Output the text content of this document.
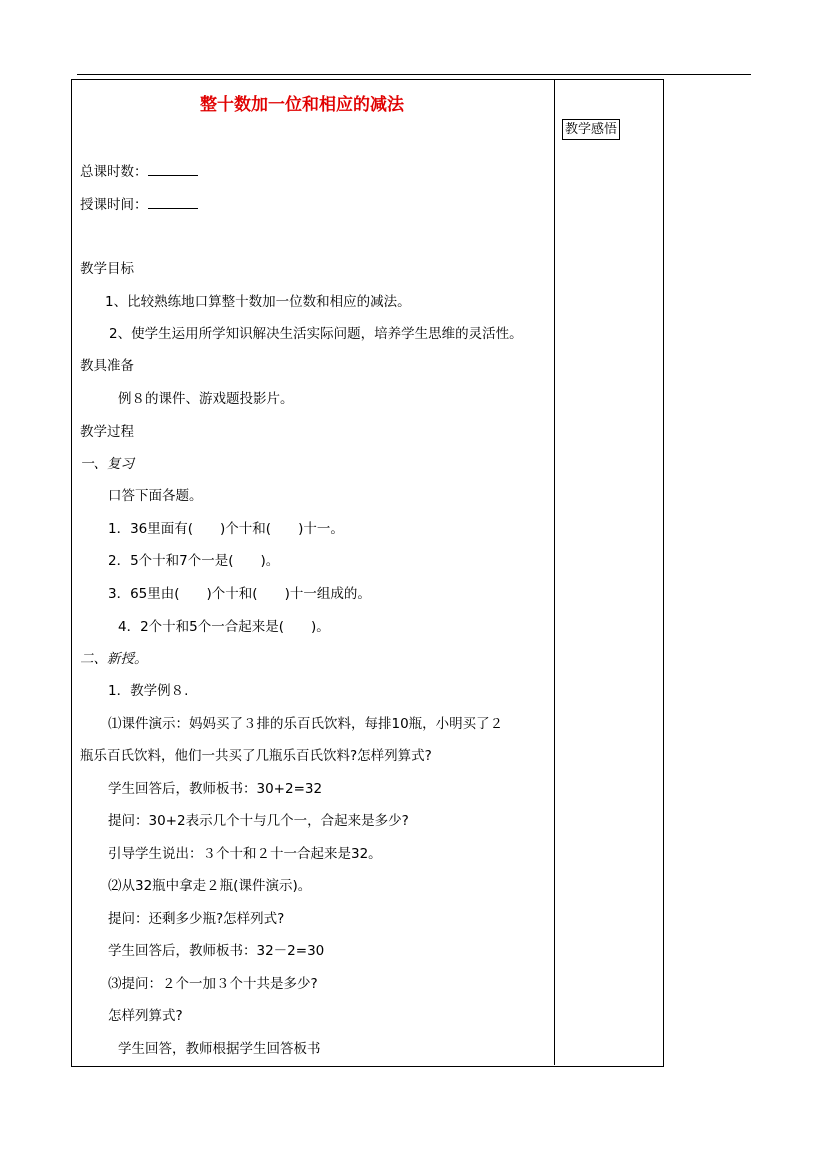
教学感悟
整十数加一位和相应的减法
总课时数：
授课时间：
教学目标
1、比较熟练地口算整十数加一位数和相应的减法。
2、使学生运用所学知识解决生活实际问题，培养学生思维的灵活性。
教具准备
例８的课件、游戏题投影片。
教学过程
一、复习
口答下面各题。
1．36里面有(　　)个十和(　　)十一。
2．5个十和7个一是(　　)。
3．65里由(　　)个十和(　　)十一组成的。
4．2个十和5个一合起来是(　　)。
二、新授。
1．教学例８.
⑴课件演示：妈妈买了３排的乐百氏饮料，每排10瓶，小明买了２
瓶乐百氏饮料，他们一共买了几瓶乐百氏饮料?怎样列算式?
学生回答后，教师板书：30+2=32
提问：30+2表示几个十与几个一，合起来是多少?
引导学生说出：３个十和２十一合起来是32。
⑵从32瓶中拿走２瓶(课件演示)。
提问：还剩多少瓶?怎样列式?
学生回答后，教师板书：32－2=30
⑶提问：２个一加３个十共是多少?
怎样列算式?
学生回答，教师根据学生回答板书
